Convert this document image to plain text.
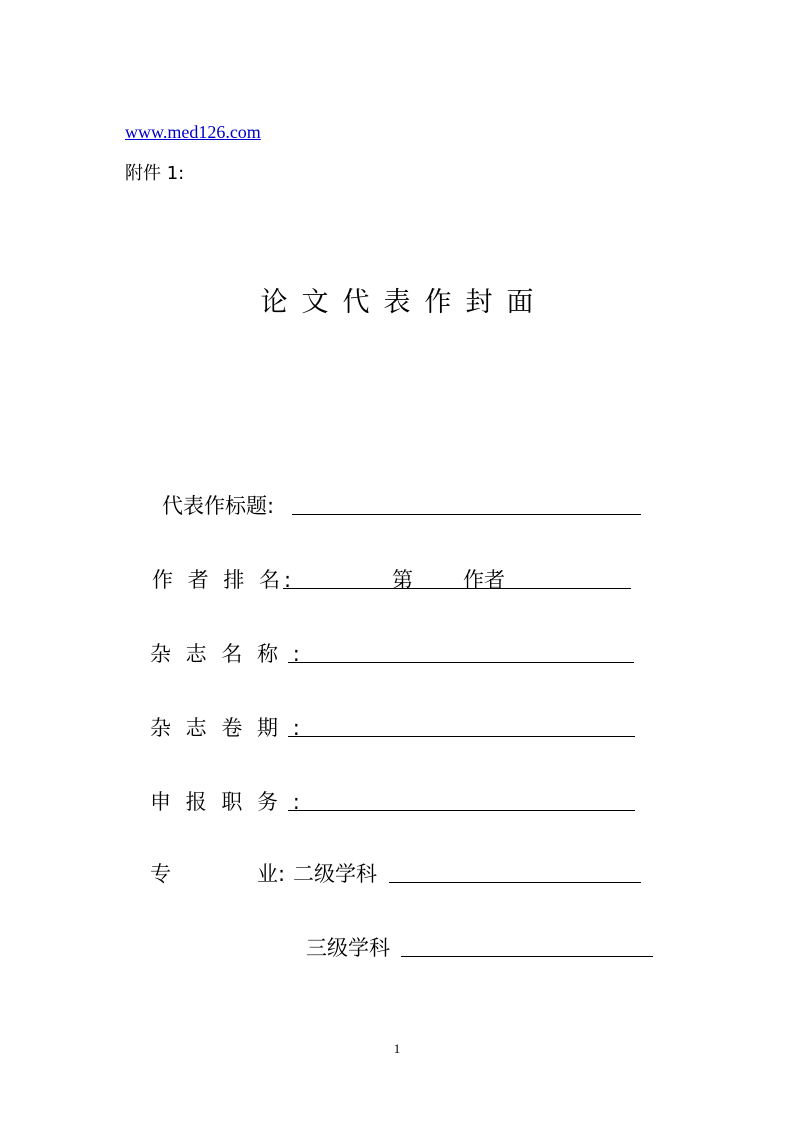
www.med126.com
附件 1:
论文代表作封面
代表作标题:
作 者 排 名:	第 作者
杂 志 名 称 :
杂 志 卷 期 :
申 报 职 务 :
专	业: 二级学科
三级学科
1
